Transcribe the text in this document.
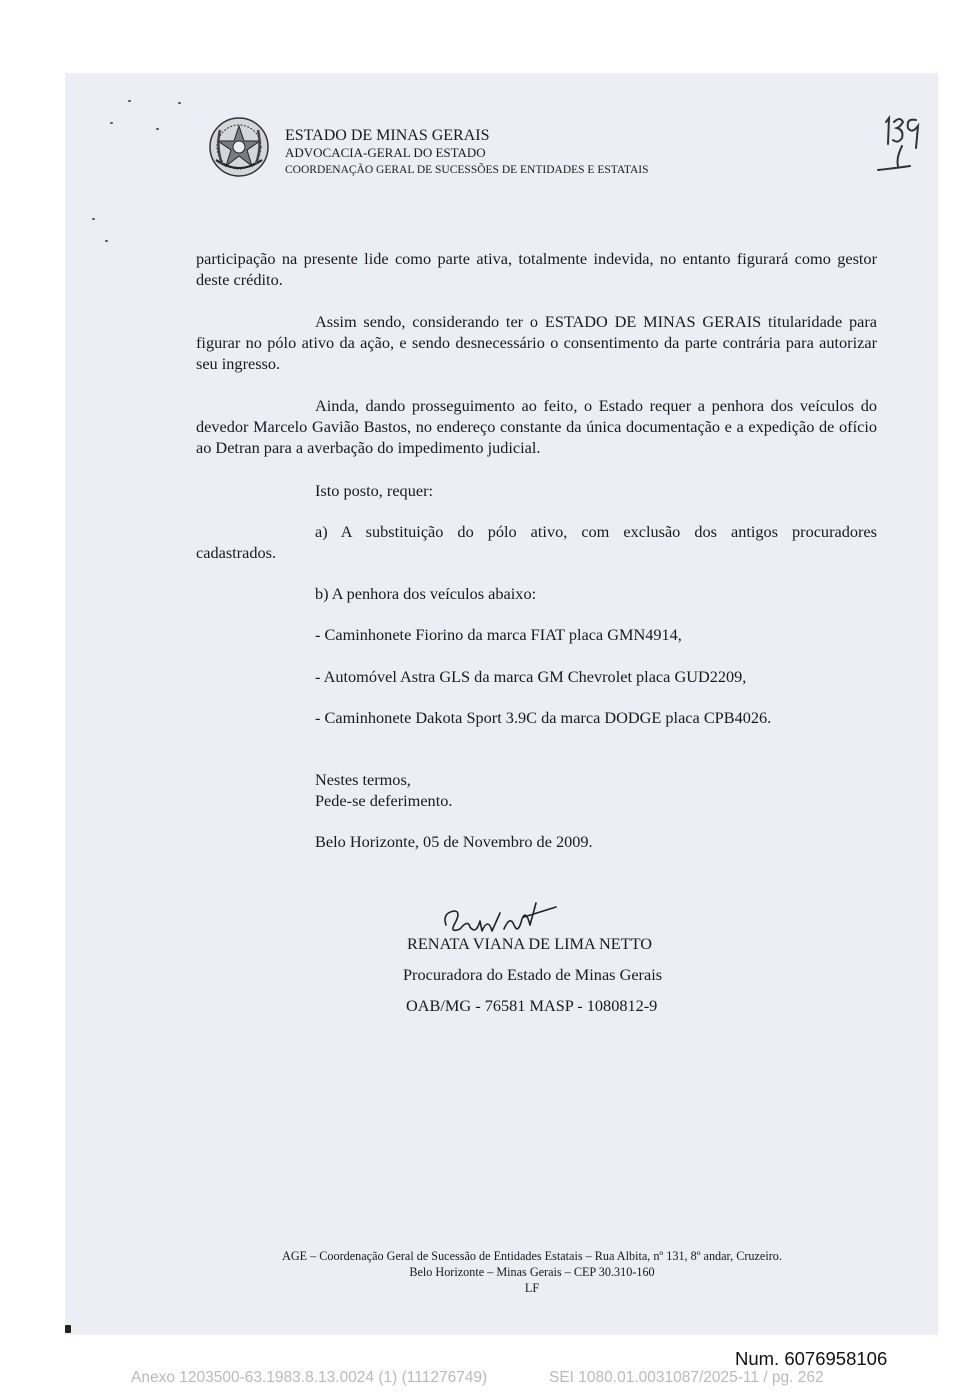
ESTADO DE MINAS GERAIS
ADVOCACIA-GERAL DO ESTADO
COORDENAÇÃO GERAL DE SUCESSÕES DE ENTIDADES E ESTATAIS
participação na presente lide como parte ativa, totalmente indevida, no entanto figurará como gestor deste crédito.
Assim sendo, considerando ter o ESTADO DE MINAS GERAIS titularidade para figurar no pólo ativo da ação, e sendo desnecessário o consentimento da parte contrária para autorizar seu ingresso.
Ainda, dando prosseguimento ao feito, o Estado requer a penhora dos veículos do devedor Marcelo Gavião Bastos, no endereço constante da única documentação e a expedição de ofício ao Detran para a averbação do impedimento judicial.
Isto posto, requer:
a) A substituição do pólo ativo, com exclusão dos antigos procuradores
cadastrados.
b) A penhora dos veículos abaixo:
- Caminhonete Fiorino da marca FIAT placa GMN4914,
- Automóvel Astra GLS da marca GM Chevrolet placa GUD2209,
- Caminhonete Dakota Sport 3.9C da marca DODGE placa CPB4026.
Nestes termos,
Pede-se deferimento.
Belo Horizonte, 05 de Novembro de 2009.
RENATA VIANA DE LIMA NETTO
Procuradora do Estado de Minas Gerais
OAB/MG - 76581 MASP - 1080812-9
AGE – Coordenação Geral de Sucessão de Entidades Estatais – Rua Albita, nº 131, 8º andar, Cruzeiro.
Belo Horizonte – Minas Gerais – CEP 30.310-160
LF
Num. 6076958106
Anexo 1203500-63.1983.8.13.0024 (1) (111276749)	SEI 1080.01.0031087/2025-11 / pg. 262
